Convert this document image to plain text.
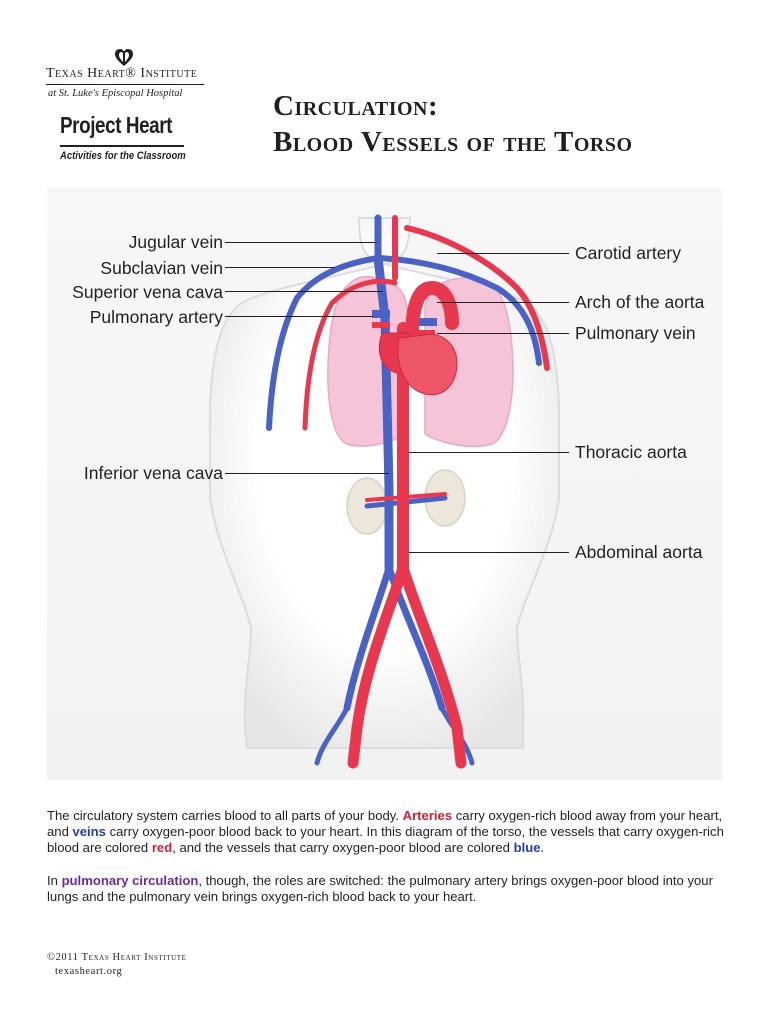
Texas Heart® Institute
at St. Luke's Episcopal Hospital
Project Heart
Activities for the Classroom
Circulation:
Blood Vessels of the Torso
Jugular vein
Subclavian vein
Superior vena cava
Pulmonary artery
Inferior vena cava
Carotid artery
Arch of the aorta
Pulmonary vein
Thoracic aorta
Abdominal aorta

The circulatory system carries blood to all parts of your body. Arteries carry oxygen-rich blood away from your heart, and veins carry oxygen-poor blood back to your heart. In this diagram of the torso, the vessels that carry oxygen-rich blood are colored red, and the vessels that carry oxygen-poor blood are colored blue.

In pulmonary circulation, though, the roles are switched: the pulmonary artery brings oxygen-poor blood into your lungs and the pulmonary vein brings oxygen-rich blood back to your heart.

©2011 Texas Heart Institute
texasheart.org
